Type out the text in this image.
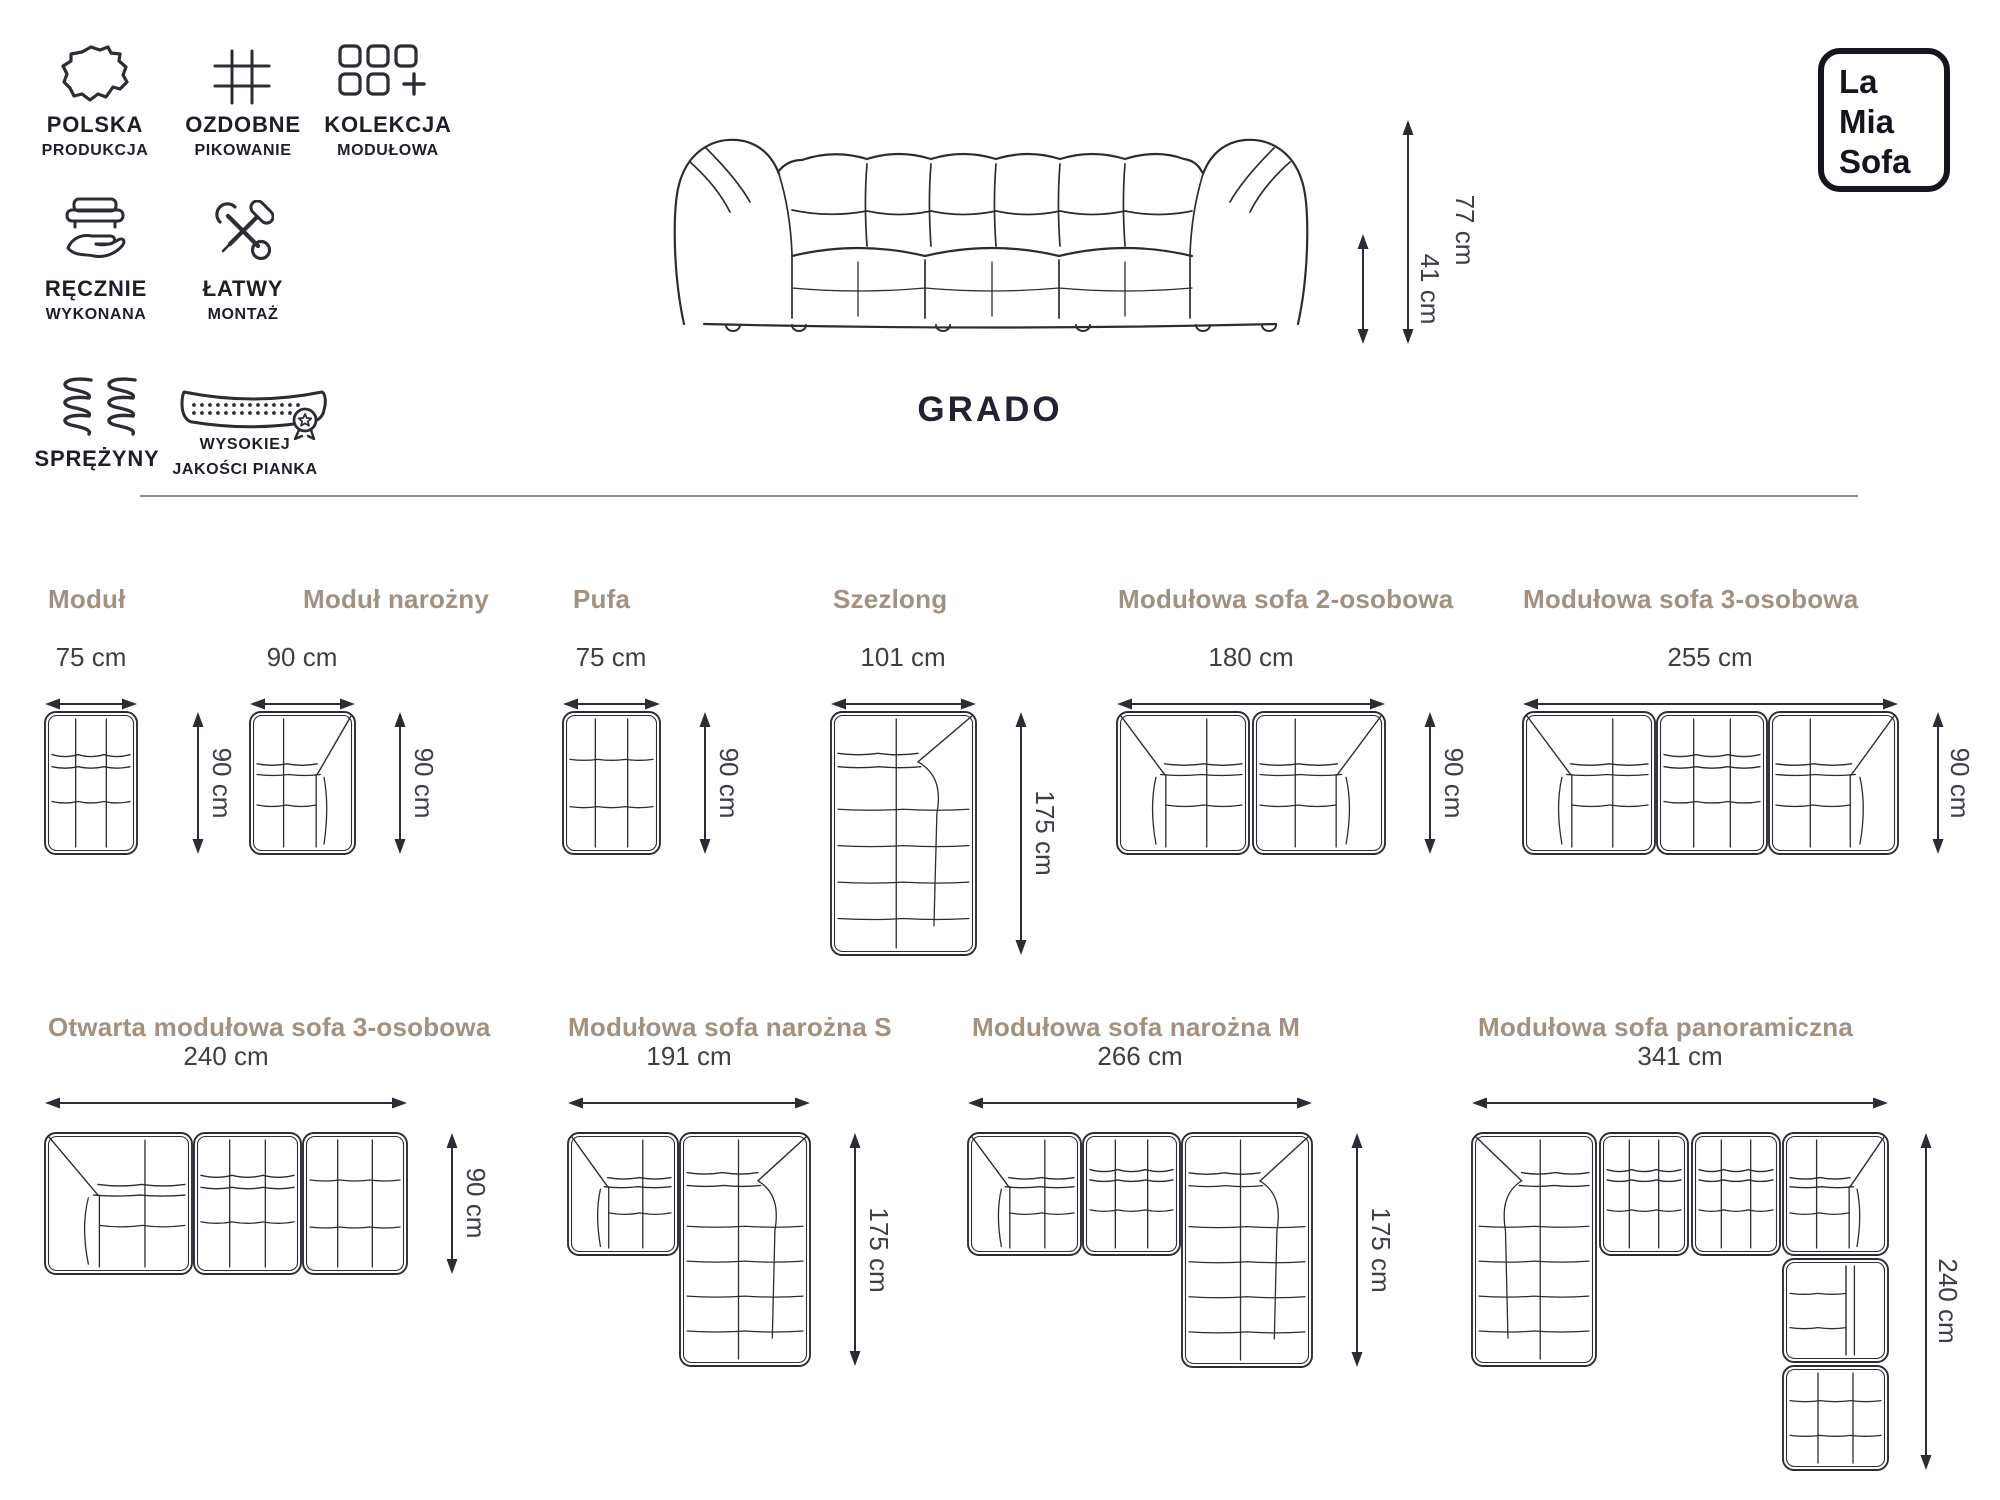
POLSKA
PRODUKCJA
OZDOBNE
PIKOWANIE
KOLEKCJA
MODUŁOWA
RĘCZNIE
WYKONANA
ŁATWY
MONTAŻ
SPRĘŻYNY
WYSOKIEJ
JAKOŚCI PIANKA
GRADO
La
Mia
Sofa
41 cm
77 cm
Moduł
75 cm
90 cm
Moduł narożny
90 cm
90 cm
Pufa
75 cm
90 cm
Szezlong
101 cm
175 cm
Modułowa sofa 2-osobowa
180 cm
90 cm
Modułowa sofa 3-osobowa
255 cm
90 cm
Otwarta modułowa sofa 3-osobowa
240 cm
90 cm
Modułowa sofa narożna S
191 cm
175 cm
Modułowa sofa narożna M
266 cm
175 cm
Modułowa sofa panoramiczna
341 cm
240 cm
